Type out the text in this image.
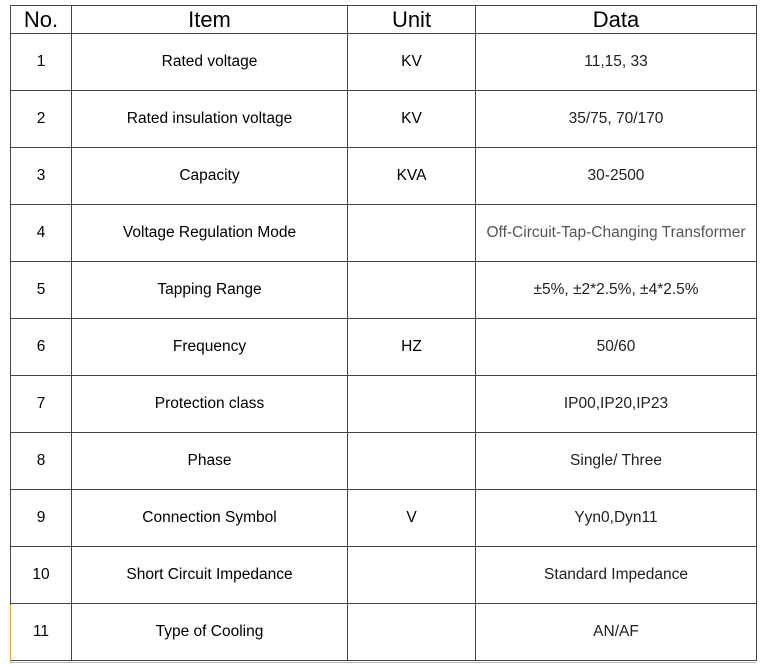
No.	Item	Unit	Data
1	Rated voltage	KV	11,15, 33
2	Rated insulation voltage	KV	35/75, 70/170
3	Capacity	KVA	30-2500
4	Voltage Regulation Mode		Off-Circuit-Tap-Changing Transformer
5	Tapping Range		±5%, ±2*2.5%, ±4*2.5%
6	Frequency	HZ	50/60
7	Protection class		IP00,IP20,IP23
8	Phase		Single/ Three
9	Connection Symbol	V	Yyn0,Dyn11
10	Short Circuit Impedance		Standard Impedance
11	Type of Cooling		AN/AF
